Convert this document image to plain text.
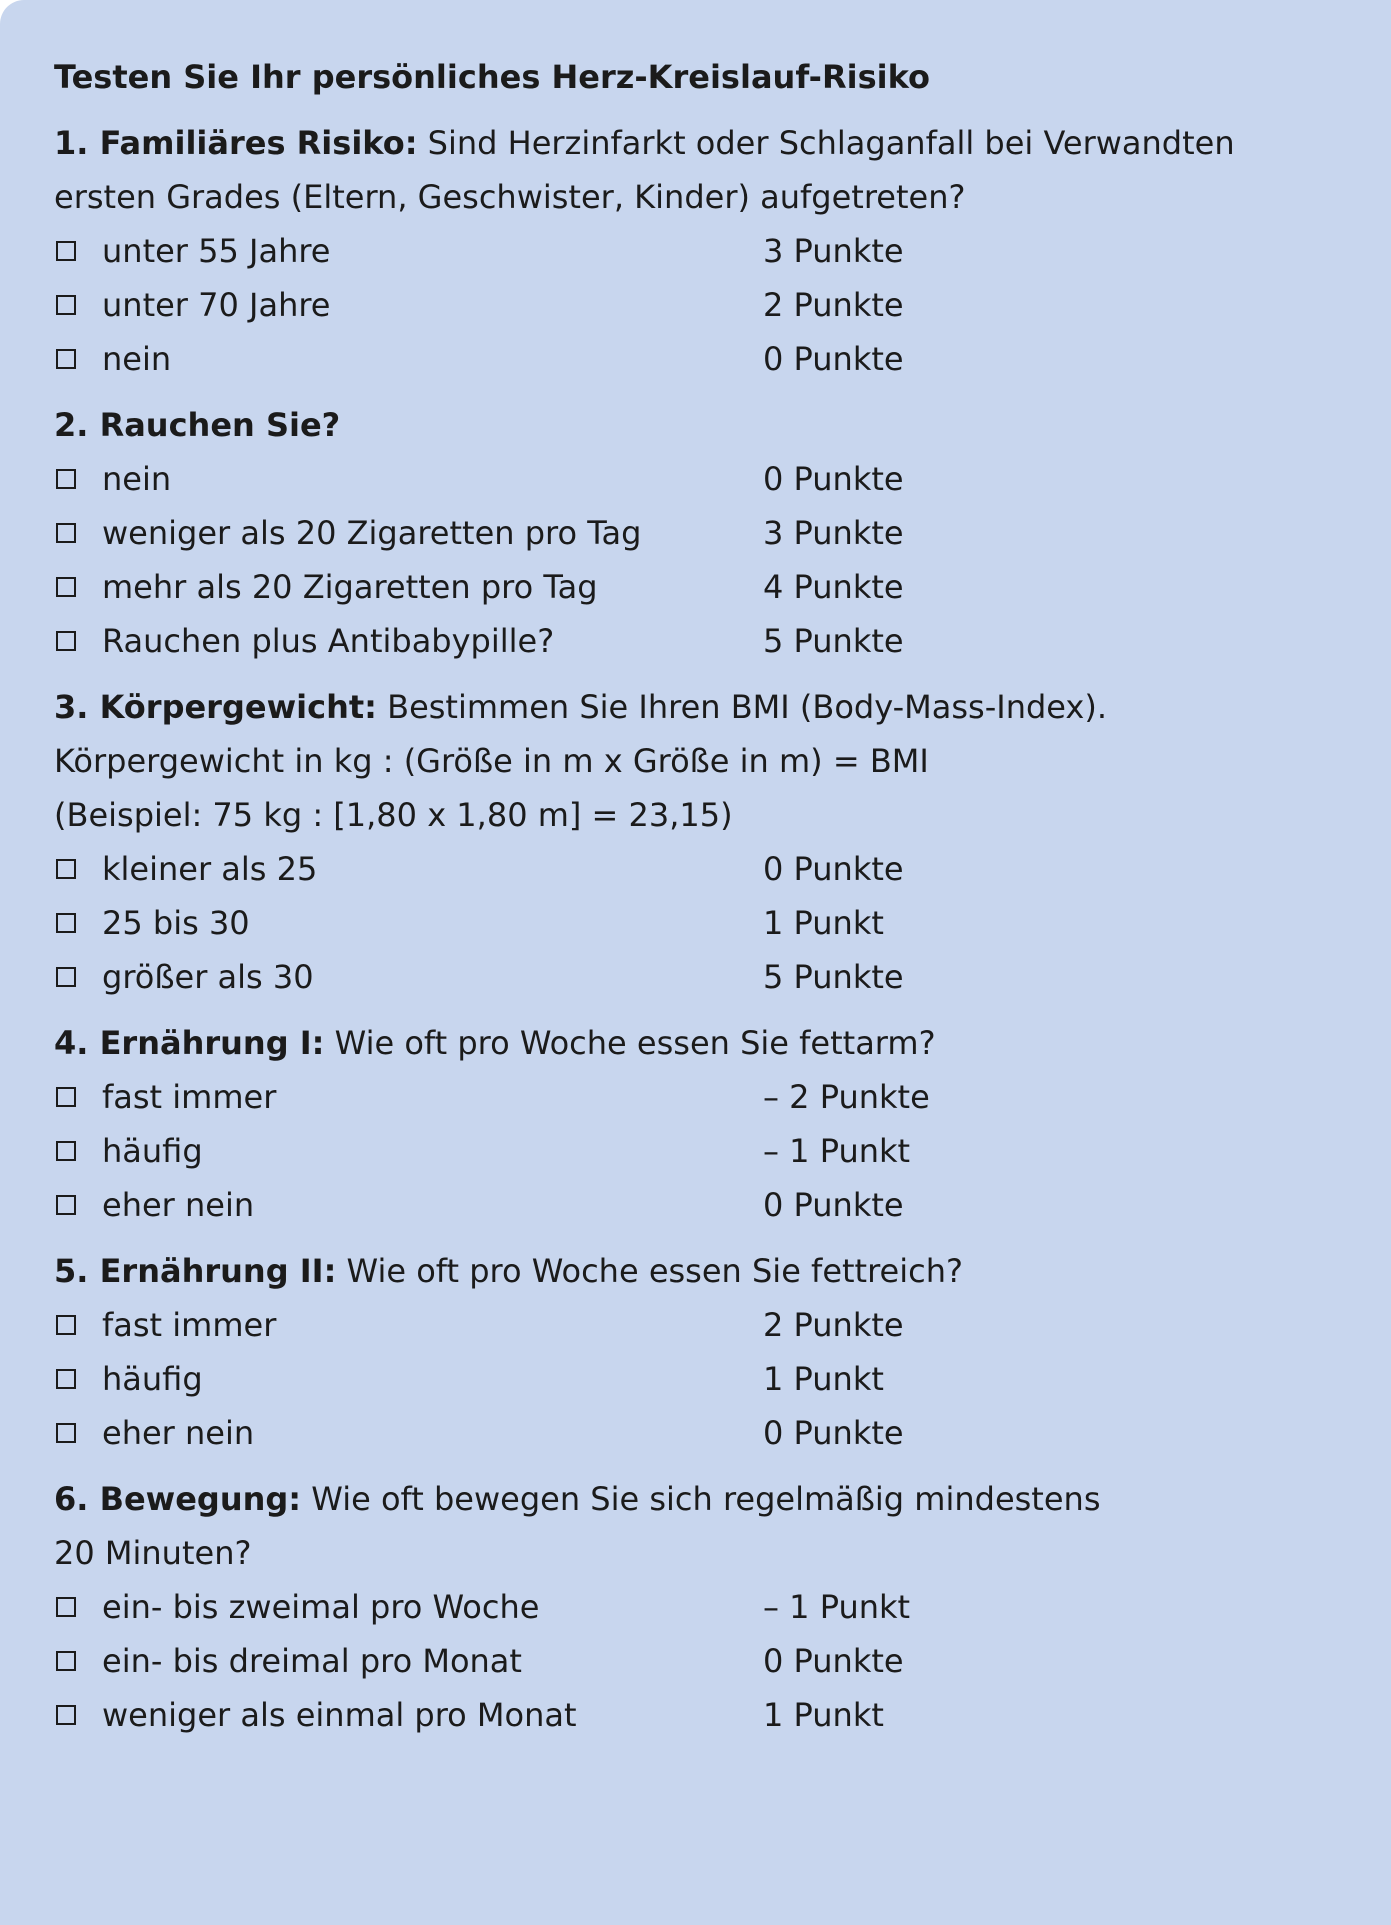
Testen Sie Ihr persönliches Herz-Kreislauf-Risiko
1. Familiäres Risiko: Sind Herzinfarkt oder Schlaganfall bei Verwandten
ersten Grades (Eltern, Geschwister, Kinder) aufgetreten?
unter 55 Jahre	3 Punkte
unter 70 Jahre	2 Punkte
nein	0 Punkte
2. Rauchen Sie?
nein	0 Punkte
weniger als 20 Zigaretten pro Tag	3 Punkte
mehr als 20 Zigaretten pro Tag	4 Punkte
Rauchen plus Antibabypille?	5 Punkte
3. Körpergewicht: Bestimmen Sie Ihren BMI (Body-Mass-Index).
Körpergewicht in kg : (Größe in m x Größe in m) = BMI
(Beispiel: 75 kg : [1,80 x 1,80 m] = 23,15)
kleiner als 25	0 Punkte
25 bis 30	1 Punkt
größer als 30	5 Punkte
4. Ernährung I: Wie oft pro Woche essen Sie fettarm?
fast immer	– 2 Punkte
häufig	– 1 Punkt
eher nein	0 Punkte
5. Ernährung II: Wie oft pro Woche essen Sie fettreich?
fast immer	2 Punkte
häufig	1 Punkt
eher nein	0 Punkte
6. Bewegung: Wie oft bewegen Sie sich regelmäßig mindestens
20 Minuten?
ein- bis zweimal pro Woche	– 1 Punkt
ein- bis dreimal pro Monat	0 Punkte
weniger als einmal pro Monat	1 Punkt
